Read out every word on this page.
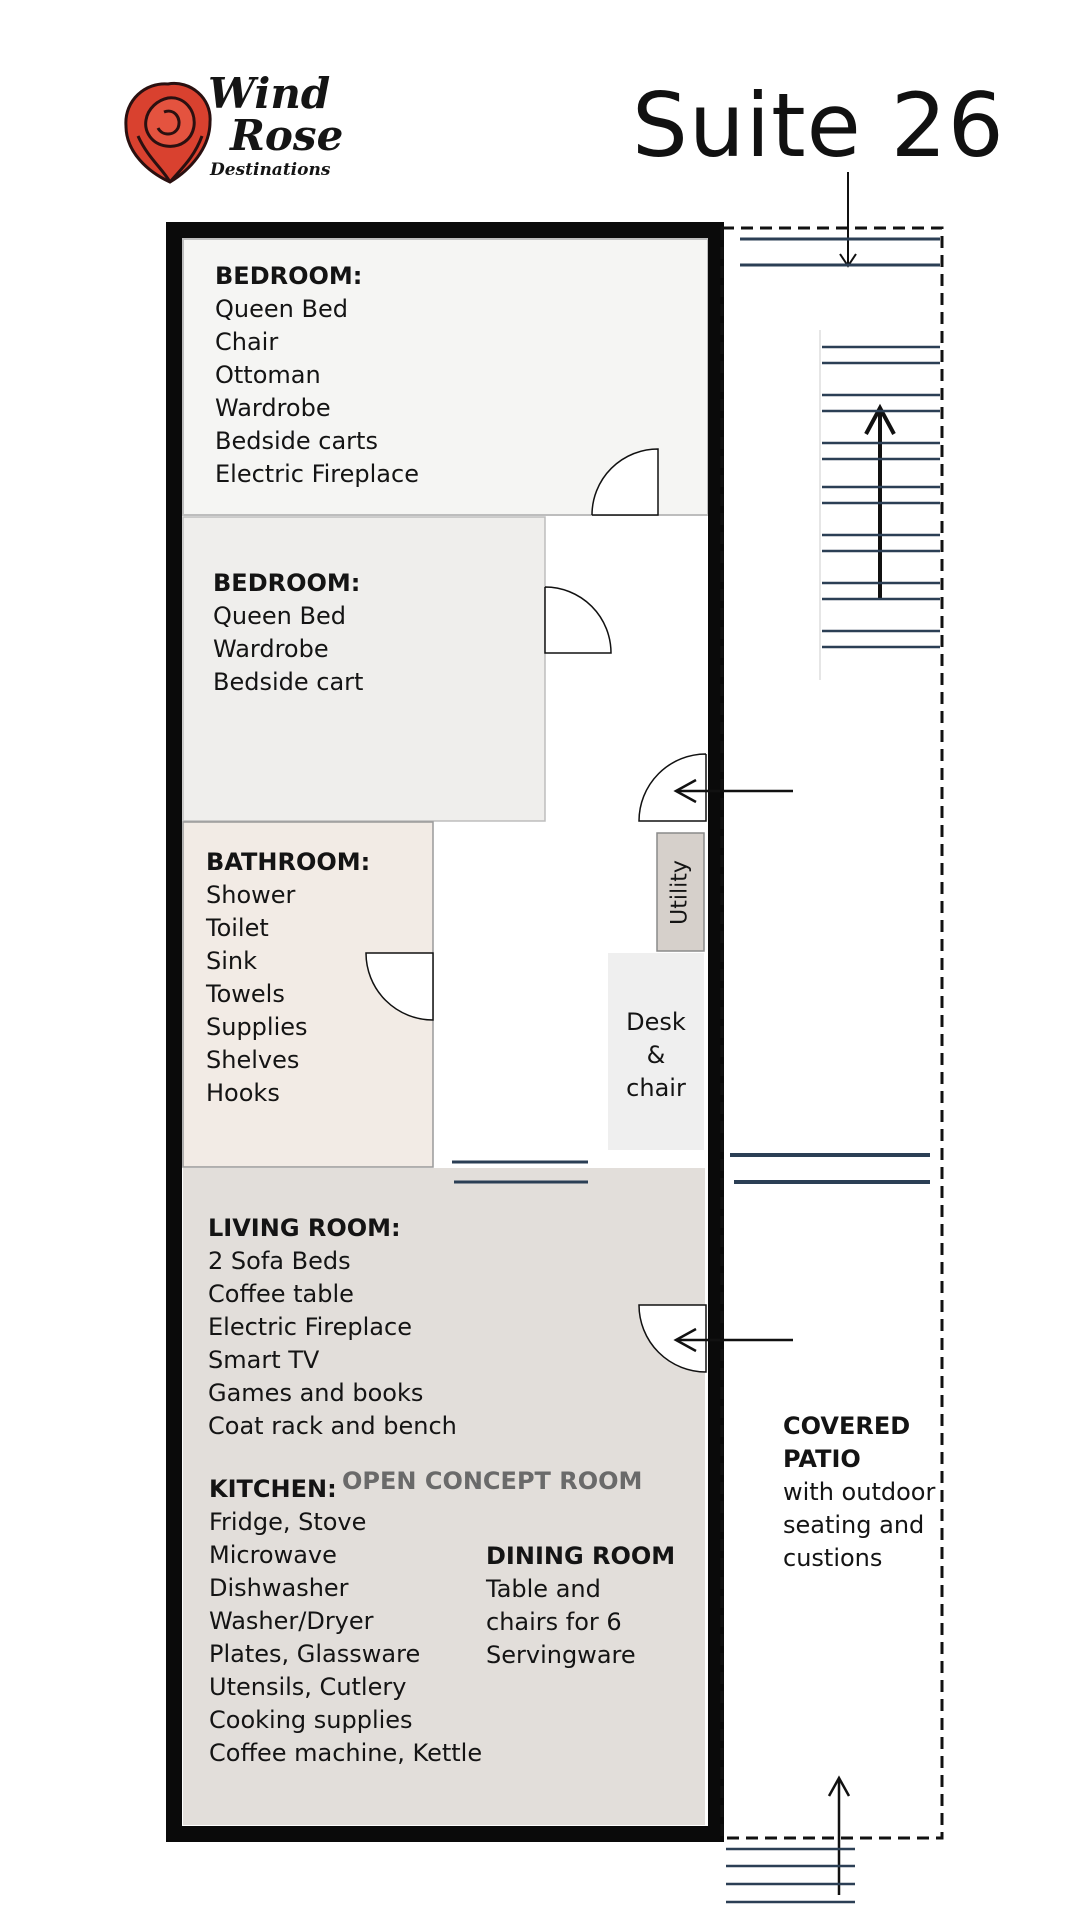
Wind
Rose
Destinations	Suite 26
BEDROOM:
Queen Bed
Chair
Ottoman
Wardrobe
Bedside carts
Electric Fireplace
BEDROOM:
Queen Bed
Wardrobe
Bedside cart
BATHROOM:
Shower
Toilet
Sink
Towels
Supplies
Shelves
Hooks
Utility
Desk
&
chair
LIVING ROOM:
2 Sofa Beds
Coffee table
Electric Fireplace
Smart TV
Games and books
Coat rack and bench
OPEN CONCEPT ROOM
KITCHEN:
Fridge, Stove
Microwave
Dishwasher
Washer/Dryer
Plates, Glassware
Utensils, Cutlery
Cooking supplies
Coffee machine, Kettle
DINING ROOM
Table and
chairs for 6
Servingware
COVERED
PATIO
with outdoor
seating and
custions
